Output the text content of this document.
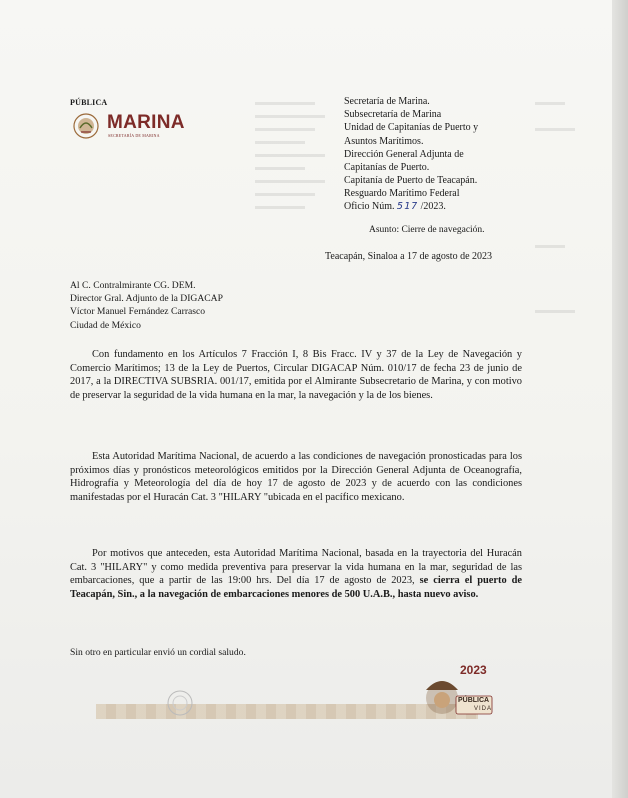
▬▬▬▬▬▬
▬▬▬▬▬▬▬
▬▬▬▬▬▬
▬▬▬▬▬
▬▬▬▬▬▬▬
▬▬▬▬▬
▬▬▬▬▬▬▬
▬▬▬▬▬▬
▬▬▬▬▬
▬▬▬

▬▬▬▬

▬▬▬

▬▬▬▬
PÚBLICA
MARINA
SECRETARÍA DE MARINA
Secretaría de Marina.
Subsecretaría de Marina
Unidad de Capitanías de Puerto y
Asuntos Marítimos.
Dirección General Adjunta de
Capitanías de Puerto.
Capitanía de Puerto de Teacapán.
Resguardo Marítimo Federal
Oficio Núm. 517 /2023.
Asunto: Cierre de navegación.
Teacapán, Sinaloa a 17 de agosto de 2023
Al C. Contralmirante CG. DEM.
Director Gral. Adjunto de la DIGACAP
Víctor Manuel Fernández Carrasco
Ciudad de México
Con fundamento en los Artículos 7 Fracción I, 8 Bis Fracc. IV y 37 de la Ley de Navegación y Comercio Marítimos; 13 de la Ley de Puertos, Circular DIGACAP Núm. 010/17 de fecha 23 de junio de 2017, a la DIRECTIVA SUBSRIA. 001/17, emitida por el Almirante Subsecretario de Marina, y con motivo de preservar la seguridad de la vida humana en la mar, la navegación y la de los bienes.
Esta Autoridad Marítima Nacional, de acuerdo a las condiciones de navegación pronosticadas para los próximos días y pronósticos meteorológicos emitidos por la Dirección General Adjunta de Oceanografía, Hidrografía y Meteorología del día de hoy 17 de agosto de 2023 y de acuerdo con las condiciones manifestadas por el Huracán Cat. 3 "HILARY "ubicada en el pacífico mexicano.
Por motivos que anteceden, esta Autoridad Marítima Nacional, basada en la trayectoria del Huracán Cat. 3 "HILARY" y como medida preventiva para preservar la vida humana en la mar, seguridad de las embarcaciones, que a partir de las 19:00 hrs. Del día 17 de agosto de 2023, se cierra el puerto de Teacapán, Sin., a la navegación de embarcaciones menores de 500 U.A.B., hasta nuevo aviso.
Sin otro en particular envió un cordial saludo.
2023
PÚBLICA
VIDA
